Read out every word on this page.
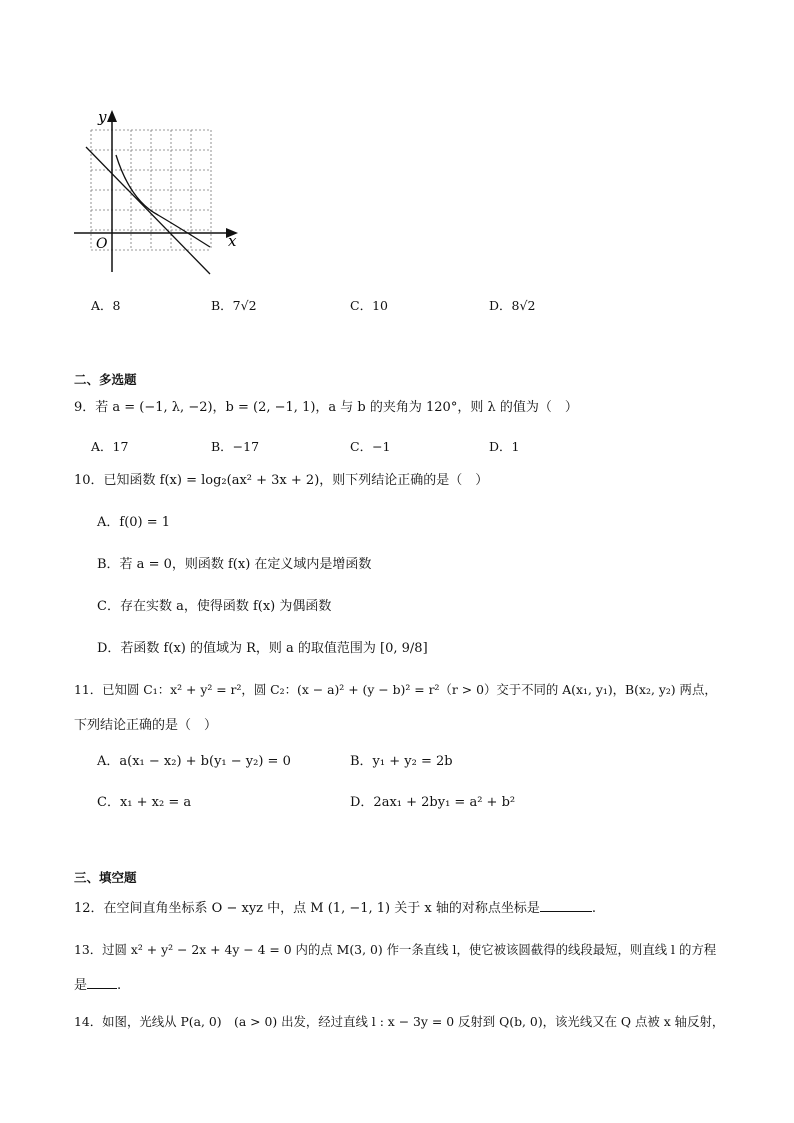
y
x
O
A．8	B．7√2	C．10	D．8√2
二、多选题
9．若 a = (−1, λ, −2)，b = (2, −1, 1)，a 与 b 的夹角为 120°，则 λ 的值为（　）
A．17	B．−17	C．−1	D．1
10．已知函数 f(x) = log₂(ax² + 3x + 2)，则下列结论正确的是（　）
A．f(0) = 1
B．若 a = 0，则函数 f(x) 在定义域内是增函数
C．存在实数 a，使得函数 f(x) 为偶函数
D．若函数 f(x) 的值域为 R，则 a 的取值范围为 [0, 9/8]
11．已知圆 C₁：x² + y² = r²，圆 C₂：(x − a)² + (y − b)² = r²（r > 0）交于不同的 A(x₁, y₁)，B(x₂, y₂) 两点，
下列结论正确的是（　）
A．a(x₁ − x₂) + b(y₁ − y₂) = 0	B．y₁ + y₂ = 2b
C．x₁ + x₂ = a	D．2ax₁ + 2by₁ = a² + b²
三、填空题
12．在空间直角坐标系 O − xyz 中，点 M (1, −1, 1) 关于 x 轴的对称点坐标是	.
13．过圆 x² + y² − 2x + 4y − 4 = 0 内的点 M(3, 0) 作一条直线 l，使它被该圆截得的线段最短，则直线 l 的方程
是 .
14．如图，光线从 P(a, 0)　(a > 0) 出发，经过直线 l : x − 3y = 0 反射到 Q(b, 0)，该光线又在 Q 点被 x 轴反射，
